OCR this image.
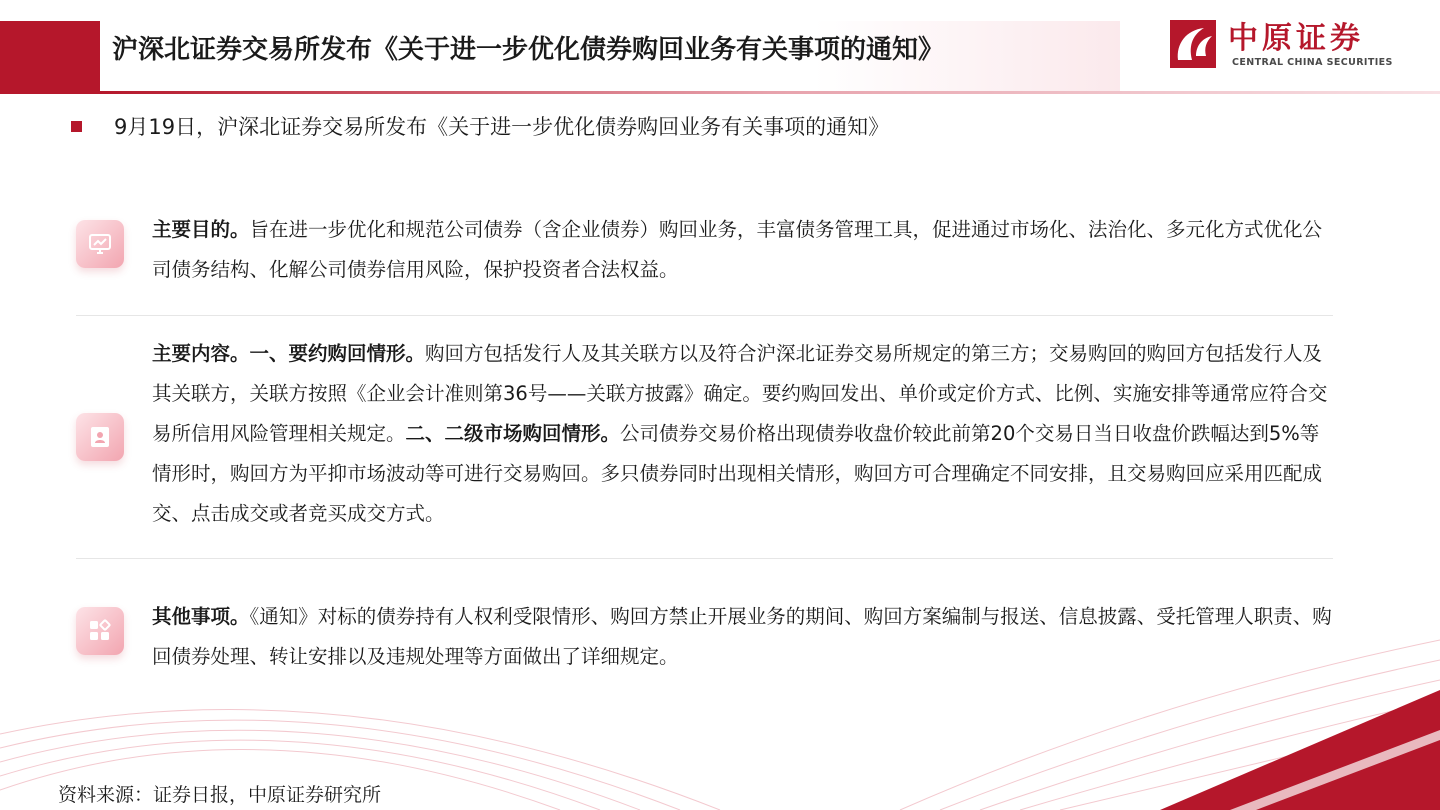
沪深北证券交易所发布《关于进一步优化债券购回业务有关事项的通知》	中原证券
CENTRAL CHINA SECURITIES
9月19日，沪深北证券交易所发布《关于进一步优化债券购回业务有关事项的通知》
主要目的。旨在进一步优化和规范公司债券（含企业债券）购回业务，丰富债务管理工具，促进通过市场化、法治化、多元化方式优化公司债务结构、化解公司债券信用风险，保护投资者合法权益。
主要内容。一、要约购回情形。购回方包括发行人及其关联方以及符合沪深北证券交易所规定的第三方；交易购回的购回方包括发行人及其关联方，关联方按照《企业会计准则第36号——关联方披露》确定。要约购回发出、单价或定价方式、比例、实施安排等通常应符合交易所信用风险管理相关规定。二、二级市场购回情形。公司债券交易价格出现债券收盘价较此前第20个交易日当日收盘价跌幅达到5%等情形时，购回方为平抑市场波动等可进行交易购回。多只债券同时出现相关情形，购回方可合理确定不同安排，且交易购回应采用匹配成交、点击成交或者竞买成交方式。
其他事项。《通知》对标的债券持有人权利受限情形、购回方禁止开展业务的期间、购回方案编制与报送、信息披露、受托管理人职责、购回债券处理、转让安排以及违规处理等方面做出了详细规定。
资料来源：证券日报，中原证券研究所
